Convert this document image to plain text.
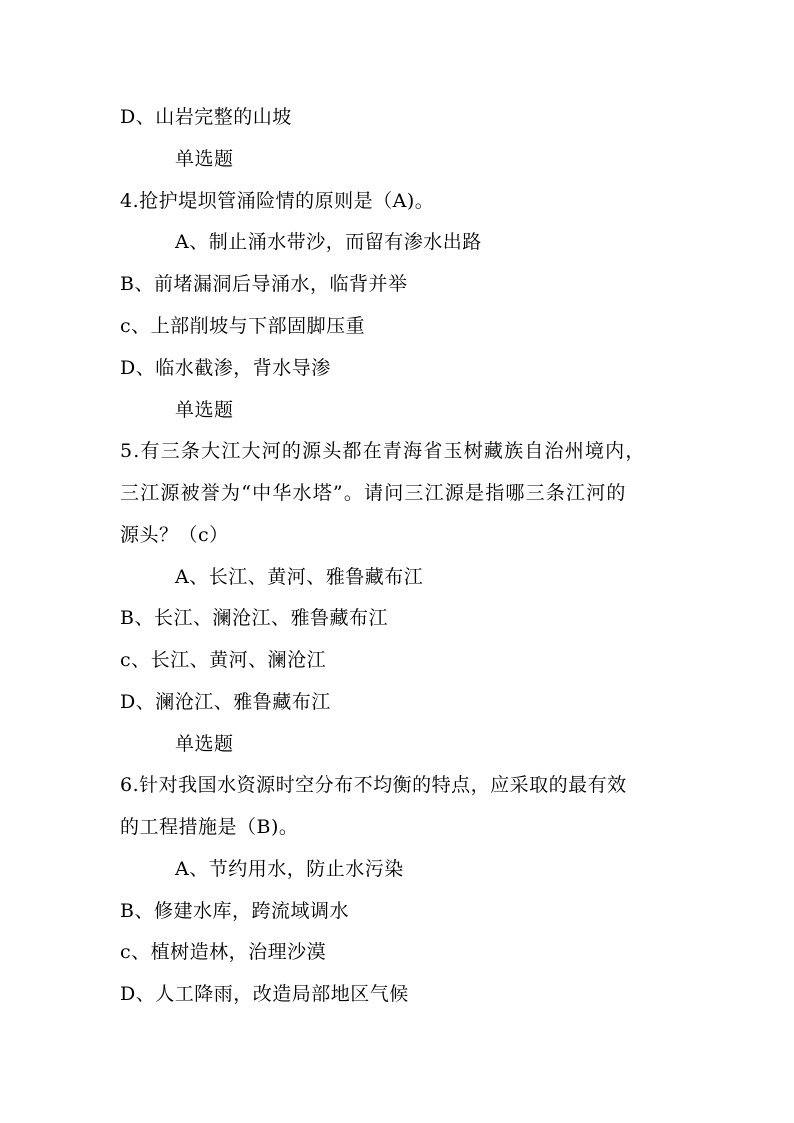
D、山岩完整的山坡
单选题
4.抢护堤坝管涌险情的原则是（A)。
A、制止涌水带沙，而留有渗水出路
B、前堵漏洞后导涌水，临背并举
c、上部削坡与下部固脚压重
D、临水截渗，背水导渗
单选题
5.有三条大江大河的源头都在青海省玉树藏族自治州境内，
三江源被誉为“中华水塔”。请问三江源是指哪三条江河的
源头？（c）
A、长江、黄河、雅鲁藏布江
B、长江、澜沧江、雅鲁藏布江
c、长江、黄河、澜沧江
D、澜沧江、雅鲁藏布江
单选题
6.针对我国水资源时空分布不均衡的特点，应采取的最有效
的工程措施是（B)。
A、节约用水，防止水污染
B、修建水库，跨流域调水
c、植树造林，治理沙漠
D、人工降雨，改造局部地区气候
